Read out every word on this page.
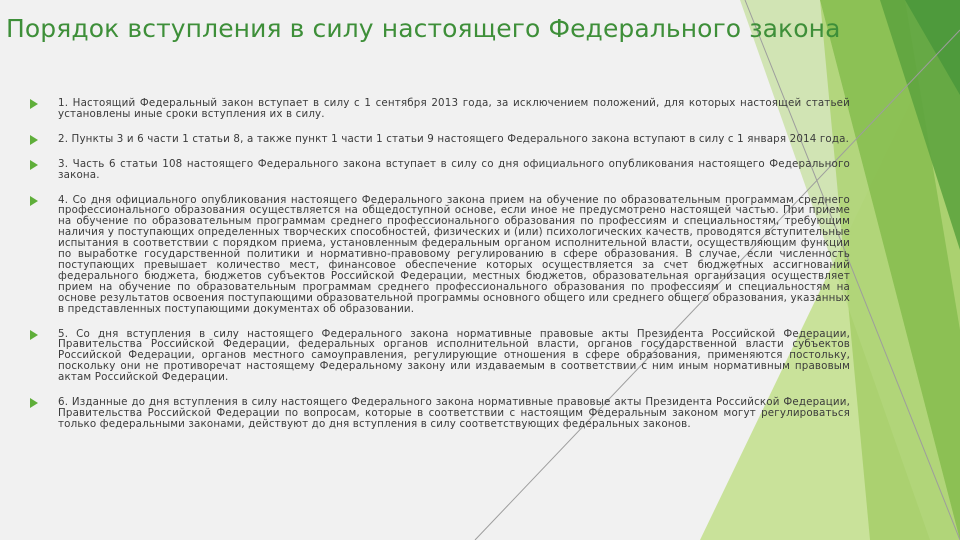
Порядок вступления в силу настоящего Федерального закона
1. Настоящий Федеральный закон вступает в силу с 1 сентября 2013 года, за исключением положений, для которых настоящей статьей установлены иные сроки вступления их в силу.
2. Пункты 3 и 6 части 1 статьи 8, а также пункт 1 части 1 статьи 9 настоящего Федерального закона вступают в силу с 1 января 2014 года.
3. Часть 6 статьи 108 настоящего Федерального закона вступает в силу со дня официального опубликования настоящего Федерального закона.
4. Со дня официального опубликования настоящего Федерального закона прием на обучение по образовательным программам среднего профессионального образования осуществляется на общедоступной основе, если иное не предусмотрено настоящей частью. При приеме на обучение по образовательным программам среднего профессионального образования по профессиям и специальностям, требующим наличия у поступающих определенных творческих способностей, физических и (или) психологических качеств, проводятся вступительные испытания в соответствии с порядком приема, установленным федеральным органом исполнительной власти, осуществляющим функции по выработке государственной политики и нормативно-правовому регулированию в сфере образования. В случае, если численность поступающих превышает количество мест, финансовое обеспечение которых осуществляется за счет бюджетных ассигнований федерального бюджета, бюджетов субъектов Российской Федерации, местных бюджетов, образовательная организация осуществляет прием на обучение по образовательным программам среднего профессионального образования по профессиям и специальностям на основе результатов освоения поступающими образовательной программы основного общего или среднего общего образования, указанных в представленных поступающими документах об образовании.
5. Со дня вступления в силу настоящего Федерального закона нормативные правовые акты Президента Российской Федерации, Правительства Российской Федерации, федеральных органов исполнительной власти, органов государственной власти субъектов Российской Федерации, органов местного самоуправления, регулирующие отношения в сфере образования, применяются постольку, поскольку они не противоречат настоящему Федеральному закону или издаваемым в соответствии с ним иным нормативным правовым актам Российской Федерации.
6. Изданные до дня вступления в силу настоящего Федерального закона нормативные правовые акты Президента Российской Федерации, Правительства Российской Федерации по вопросам, которые в соответствии с настоящим Федеральным законом могут регулироваться только федеральными законами, действуют до дня вступления в силу соответствующих федеральных законов.
